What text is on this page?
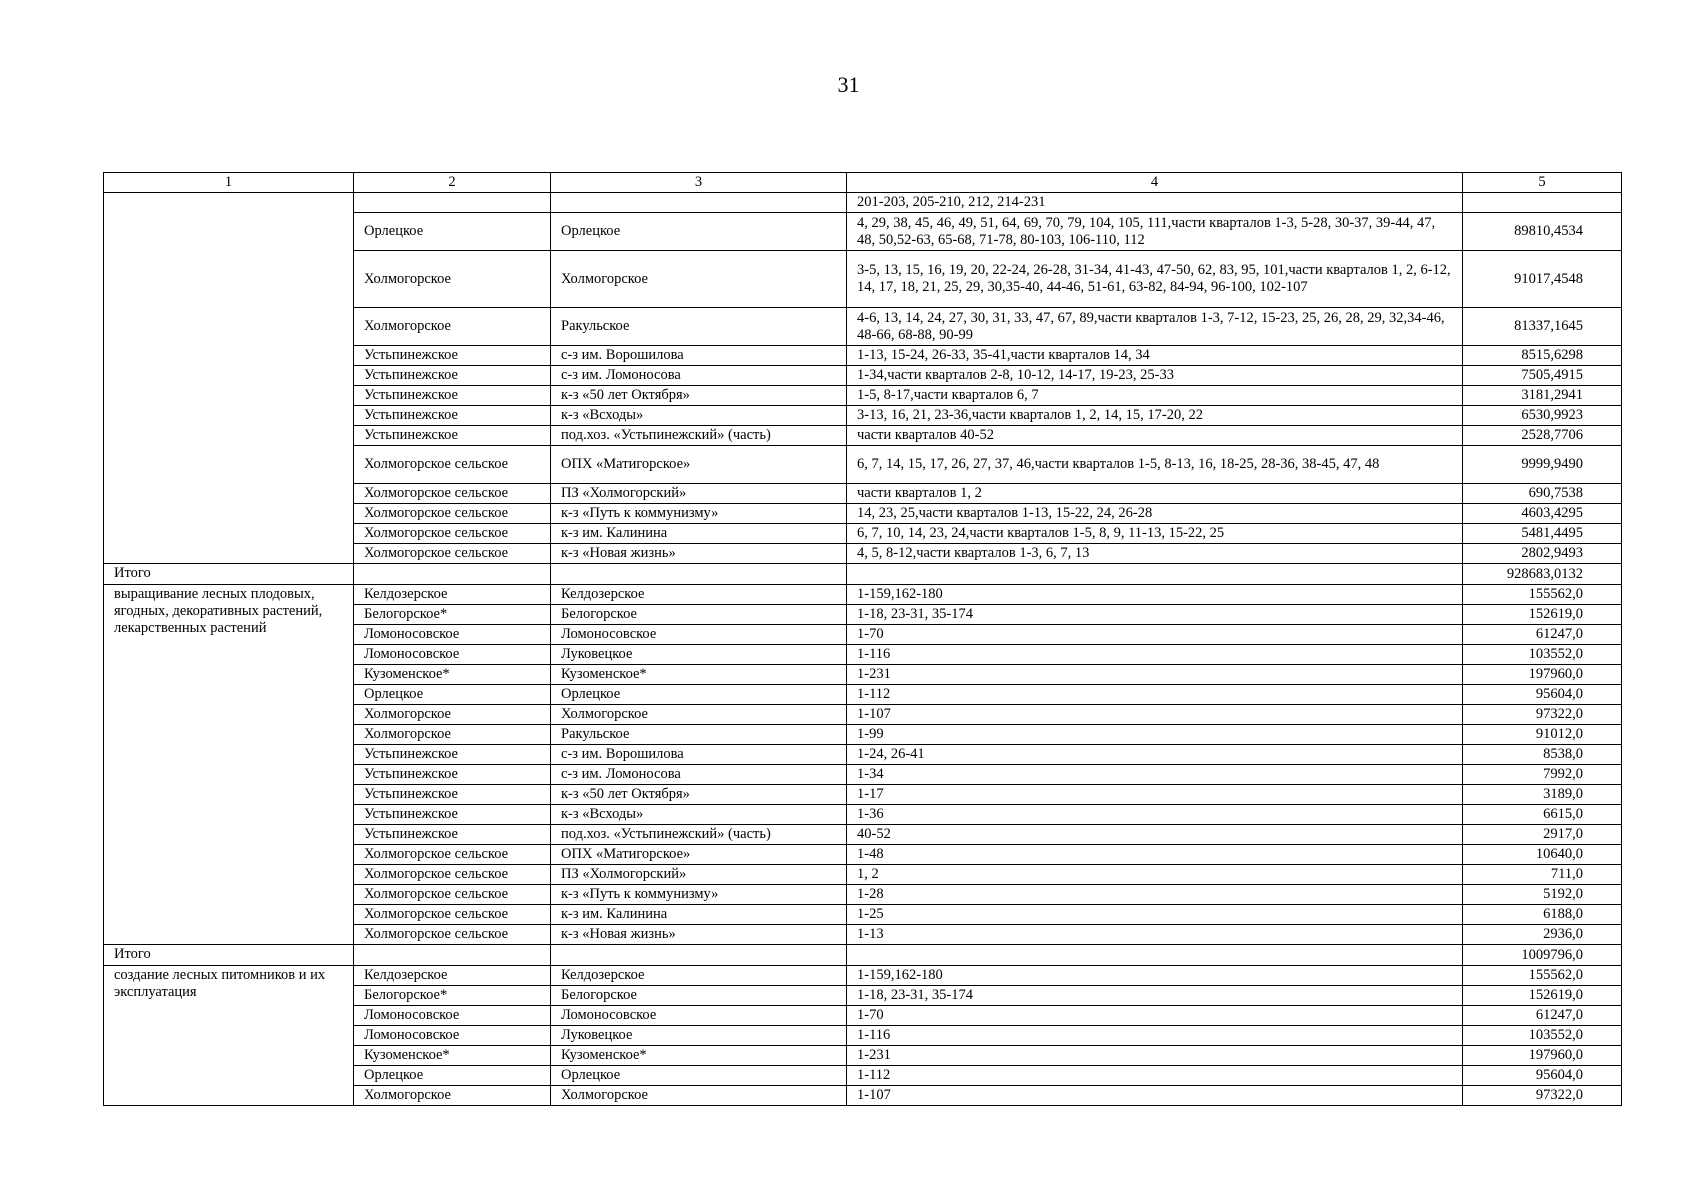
31
1	2	3	4	5
			201-203, 205-210, 212, 214-231	
	Орлецкое	Орлецкое	4, 29, 38, 45, 46, 49, 51, 64, 69, 70, 79, 104, 105, 111,части кварталов 1-3, 5-28, 30-37, 39-44, 47, 48, 50,52-63, 65-68, 71-78, 80-103, 106-110, 112	89810,4534
	Холмогорское	Холмогорское	3-5, 13, 15, 16, 19, 20, 22-24, 26-28, 31-34, 41-43, 47-50, 62, 83, 95, 101,части кварталов 1, 2, 6-12, 14, 17, 18, 21, 25, 29, 30,35-40, 44-46, 51-61, 63-82, 84-94, 96-100, 102-107	91017,4548
	Холмогорское	Ракульское	4-6, 13, 14, 24, 27, 30, 31, 33, 47, 67, 89,части кварталов 1-3, 7-12, 15-23, 25, 26, 28, 29, 32,34-46, 48-66, 68-88, 90-99	81337,1645
	Устьпинежское	с-з им. Ворошилова	1-13, 15-24, 26-33, 35-41,части кварталов 14, 34	8515,6298
	Устьпинежское	с-з им. Ломоносова	1-34,части кварталов 2-8, 10-12, 14-17, 19-23, 25-33	7505,4915
	Устьпинежское	к-з «50 лет Октября»	1-5, 8-17,части кварталов 6, 7	3181,2941
	Устьпинежское	к-з «Всходы»	3-13, 16, 21, 23-36,части кварталов 1, 2, 14, 15, 17-20, 22	6530,9923
	Устьпинежское	под.хоз. «Устьпинежский» (часть)	части кварталов 40-52	2528,7706
	Холмогорское сельское	ОПХ «Матигорское»	6, 7, 14, 15, 17, 26, 27, 37, 46,части кварталов 1-5, 8-13, 16, 18-25, 28-36, 38-45, 47, 48	9999,9490
	Холмогорское сельское	ПЗ «Холмогорский»	части кварталов 1, 2	690,7538
	Холмогорское сельское	к-з «Путь к коммунизму»	14, 23, 25,части кварталов 1-13, 15-22, 24, 26-28	4603,4295
	Холмогорское сельское	к-з им. Калинина	6, 7, 10, 14, 23, 24,части кварталов 1-5, 8, 9, 11-13, 15-22, 25	5481,4495
	Холмогорское сельское	к-з «Новая жизнь»	4, 5, 8-12,части кварталов 1-3, 6, 7, 13	2802,9493
Итого				928683,0132
выращивание лесных плодовых, ягодных, декоративных растений, лекарственных растений	Келдозерское	Келдозерское	1-159,162-180	155562,0
	Белогорское*	Белогорское	1-18, 23-31, 35-174	152619,0
	Ломоносовское	Ломоносовское	1-70	61247,0
	Ломоносовское	Луковецкое	1-116	103552,0
	Кузоменское*	Кузоменское*	1-231	197960,0
	Орлецкое	Орлецкое	1-112	95604,0
	Холмогорское	Холмогорское	1-107	97322,0
	Холмогорское	Ракульское	1-99	91012,0
	Устьпинежское	с-з им. Ворошилова	1-24, 26-41	8538,0
	Устьпинежское	с-з им. Ломоносова	1-34	7992,0
	Устьпинежское	к-з «50 лет Октября»	1-17	3189,0
	Устьпинежское	к-з «Всходы»	1-36	6615,0
	Устьпинежское	под.хоз. «Устьпинежский» (часть)	40-52	2917,0
	Холмогорское сельское	ОПХ «Матигорское»	1-48	10640,0
	Холмогорское сельское	ПЗ «Холмогорский»	1, 2	711,0
	Холмогорское сельское	к-з «Путь к коммунизму»	1-28	5192,0
	Холмогорское сельское	к-з им. Калинина	1-25	6188,0
	Холмогорское сельское	к-з «Новая жизнь»	1-13	2936,0
Итого				1009796,0
создание лесных питомников и их эксплуатация	Келдозерское	Келдозерское	1-159,162-180	155562,0
	Белогорское*	Белогорское	1-18, 23-31, 35-174	152619,0
	Ломоносовское	Ломоносовское	1-70	61247,0
	Ломоносовское	Луковецкое	1-116	103552,0
	Кузоменское*	Кузоменское*	1-231	197960,0
	Орлецкое	Орлецкое	1-112	95604,0
	Холмогорское	Холмогорское	1-107	97322,0
